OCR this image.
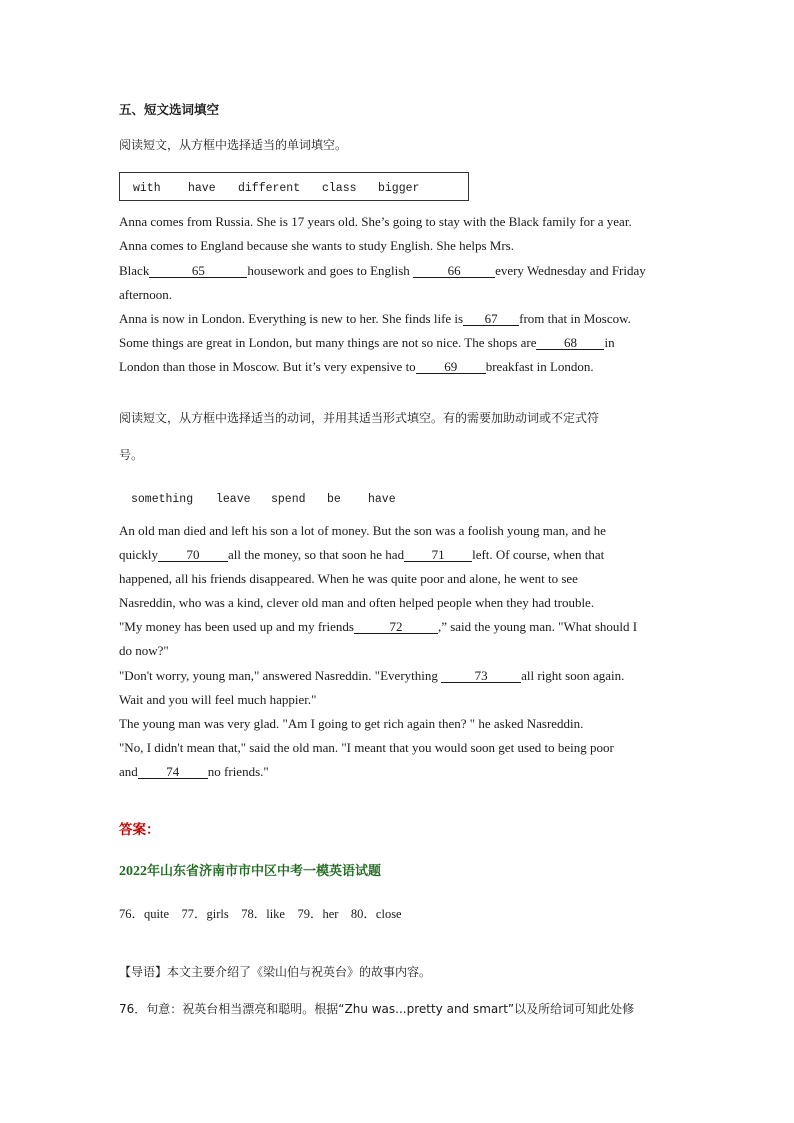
五、短文选词填空
阅读短文，从方框中选择适当的单词填空。
with have different class bigger
Anna comes from Russia. She is 17 years old. She’s going to stay with the Black family for a year.
Anna comes to England because she wants to study English. She helps Mrs.
Black	65	housework and goes to English	66	every Wednesday and Friday
afternoon.
Anna is now in London. Everything is new to her. She finds life is 67 from that in Moscow.
Some things are great in London, but many things are not so nice. The shops are 68 in
London than those in Moscow. But it’s very expensive to 69 breakfast in London.
阅读短文，从方框中选择适当的动词，并用其适当形式填空。有的需要加助动词或不定式符
号。
something leave spend be have
An old man died and left his son a lot of money. But the son was a foolish young man, and he
quickly 70 all the money, so that soon he had 71 left. Of course, when that
happened, all his friends disappeared. When he was quite poor and alone, he went to see
Nasreddin, who was a kind, clever old man and often helped people when they had trouble.
"My money has been used up and my friends	72	,” said the young man. "What should I
do now?"
"Don't worry, young man," answered Nasreddin. "Everything	73	all right soon again.
Wait and you will feel much happier."
The young man was very glad. "Am I going to get rich again then? " he asked Nasreddin.
"No, I didn't mean that," said the old man. "I meant that you would soon get used to being poor
and 74 no friends."
答案：
2022年山东省济南市市中区中考一模英语试题
76．quite    77．girls    78．like    79．her    80．close
【导语】本文主要介绍了《梁山伯与祝英台》的故事内容。
76．句意：祝英台相当漂亮和聪明。根据“Zhu was...pretty and smart”以及所给词可知此处修
